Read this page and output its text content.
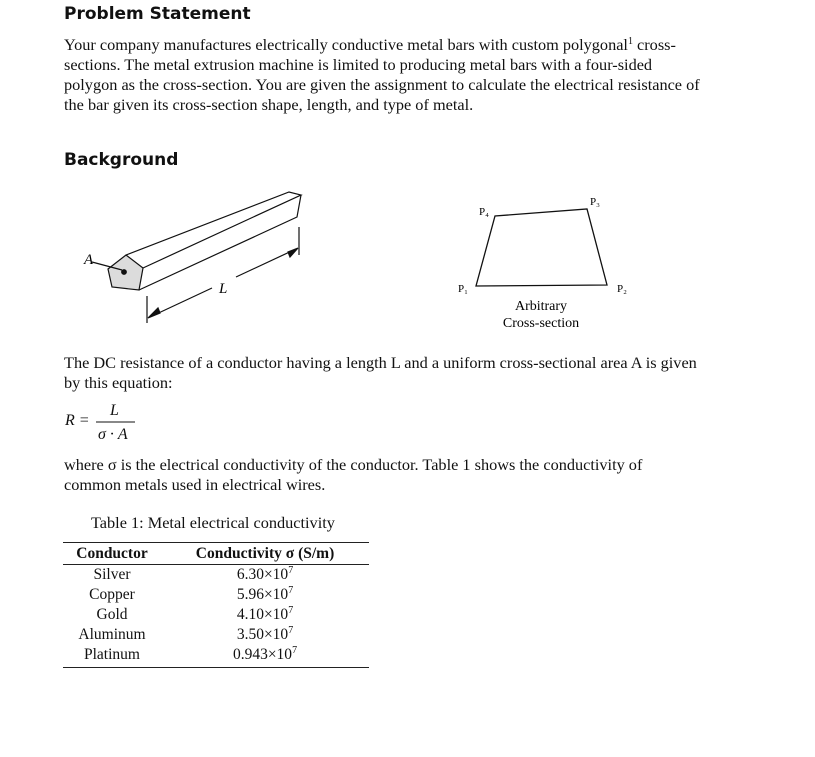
Problem Statement
Your company manufactures electrically conductive metal bars with custom polygonal$^1$ cross-
sections. The metal extrusion machine is limited to producing metal bars with a four-sided
polygon as the cross-section. You are given the assignment to calculate the electrical resistance of
the bar given its cross-section shape, length, and type of metal.
Background
A
L	P₁	P₂
P₃
P₄
Arbitrary
Cross-section
The DC resistance of a conductor having a length L and a uniform cross-sectional area A is given
by this equation:
R =
L
σ · A
where σ is the electrical conductivity of the conductor. Table 1 shows the conductivity of
common metals used in electrical wires.
Table 1: Metal electrical conductivity
Conductor	Conductivity σ (S/m)
Silver	$6.30\times 10^7$
Copper	$5.96\times 10^7$
Gold	$4.10\times 10^7$
Aluminum	$3.50\times 10^7$
Platinum	$0.943\times 10^7$
